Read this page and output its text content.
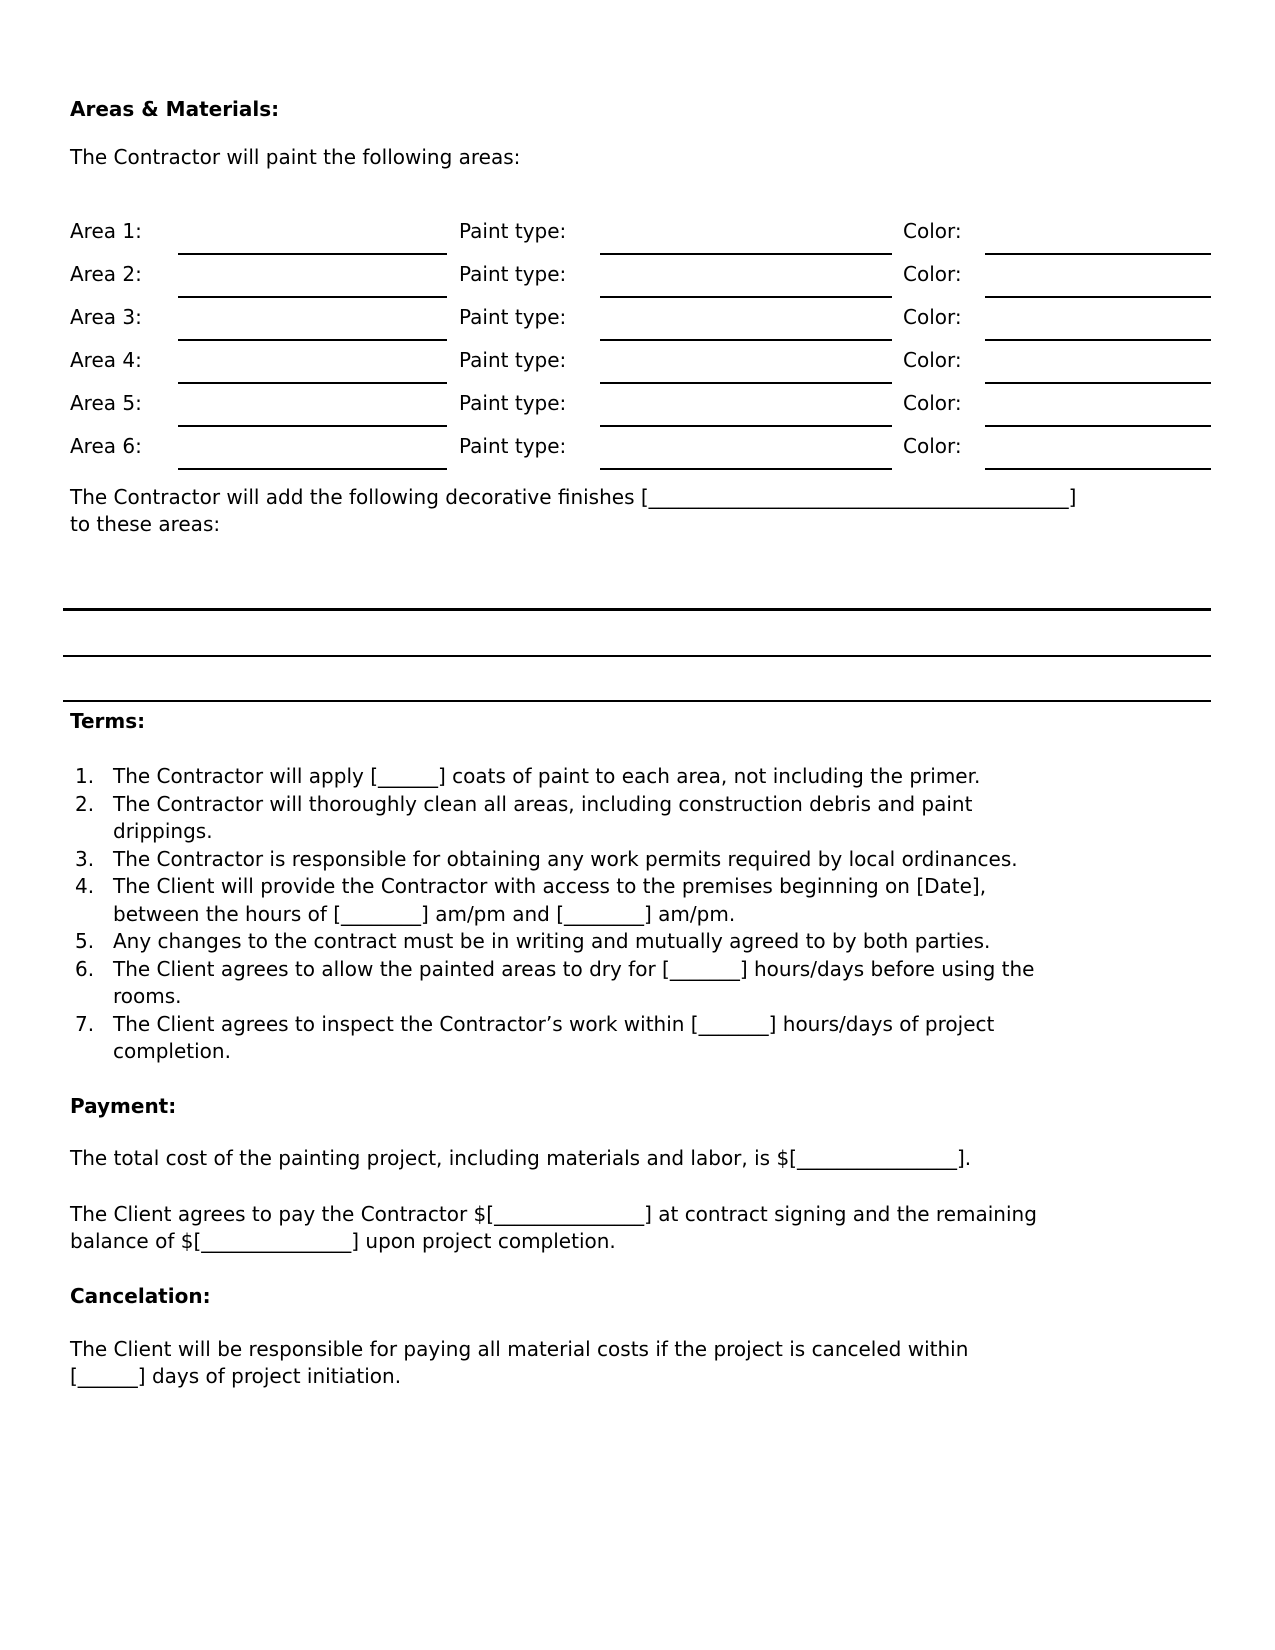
Areas & Materials:
The Contractor will paint the following areas:
Area 1:	Paint type:	Color:
Area 2:	Paint type:	Color:
Area 3:	Paint type:	Color:
Area 4:	Paint type:	Color:
Area 5:	Paint type:	Color:
Area 6:	Paint type:	Color:
The Contractor will add the following decorative finishes [__________________________________________]
to these areas:
Terms:
1. The Contractor will apply [______] coats of paint to each area, not including the primer.
2. The Contractor will thoroughly clean all areas, including construction debris and paint
drippings.
3. The Contractor is responsible for obtaining any work permits required by local ordinances.
4. The Client will provide the Contractor with access to the premises beginning on [Date],
between the hours of [________] am/pm and [________] am/pm.
5. Any changes to the contract must be in writing and mutually agreed to by both parties.
6. The Client agrees to allow the painted areas to dry for [_______] hours/days before using the
rooms.
7. The Client agrees to inspect the Contractor’s work within [_______] hours/days of project
completion.
Payment:
The total cost of the painting project, including materials and labor, is $[________________].
The Client agrees to pay the Contractor $[_______________] at contract signing and the remaining
balance of $[_______________] upon project completion.
Cancelation:
The Client will be responsible for paying all material costs if the project is canceled within
[______] days of project initiation.
